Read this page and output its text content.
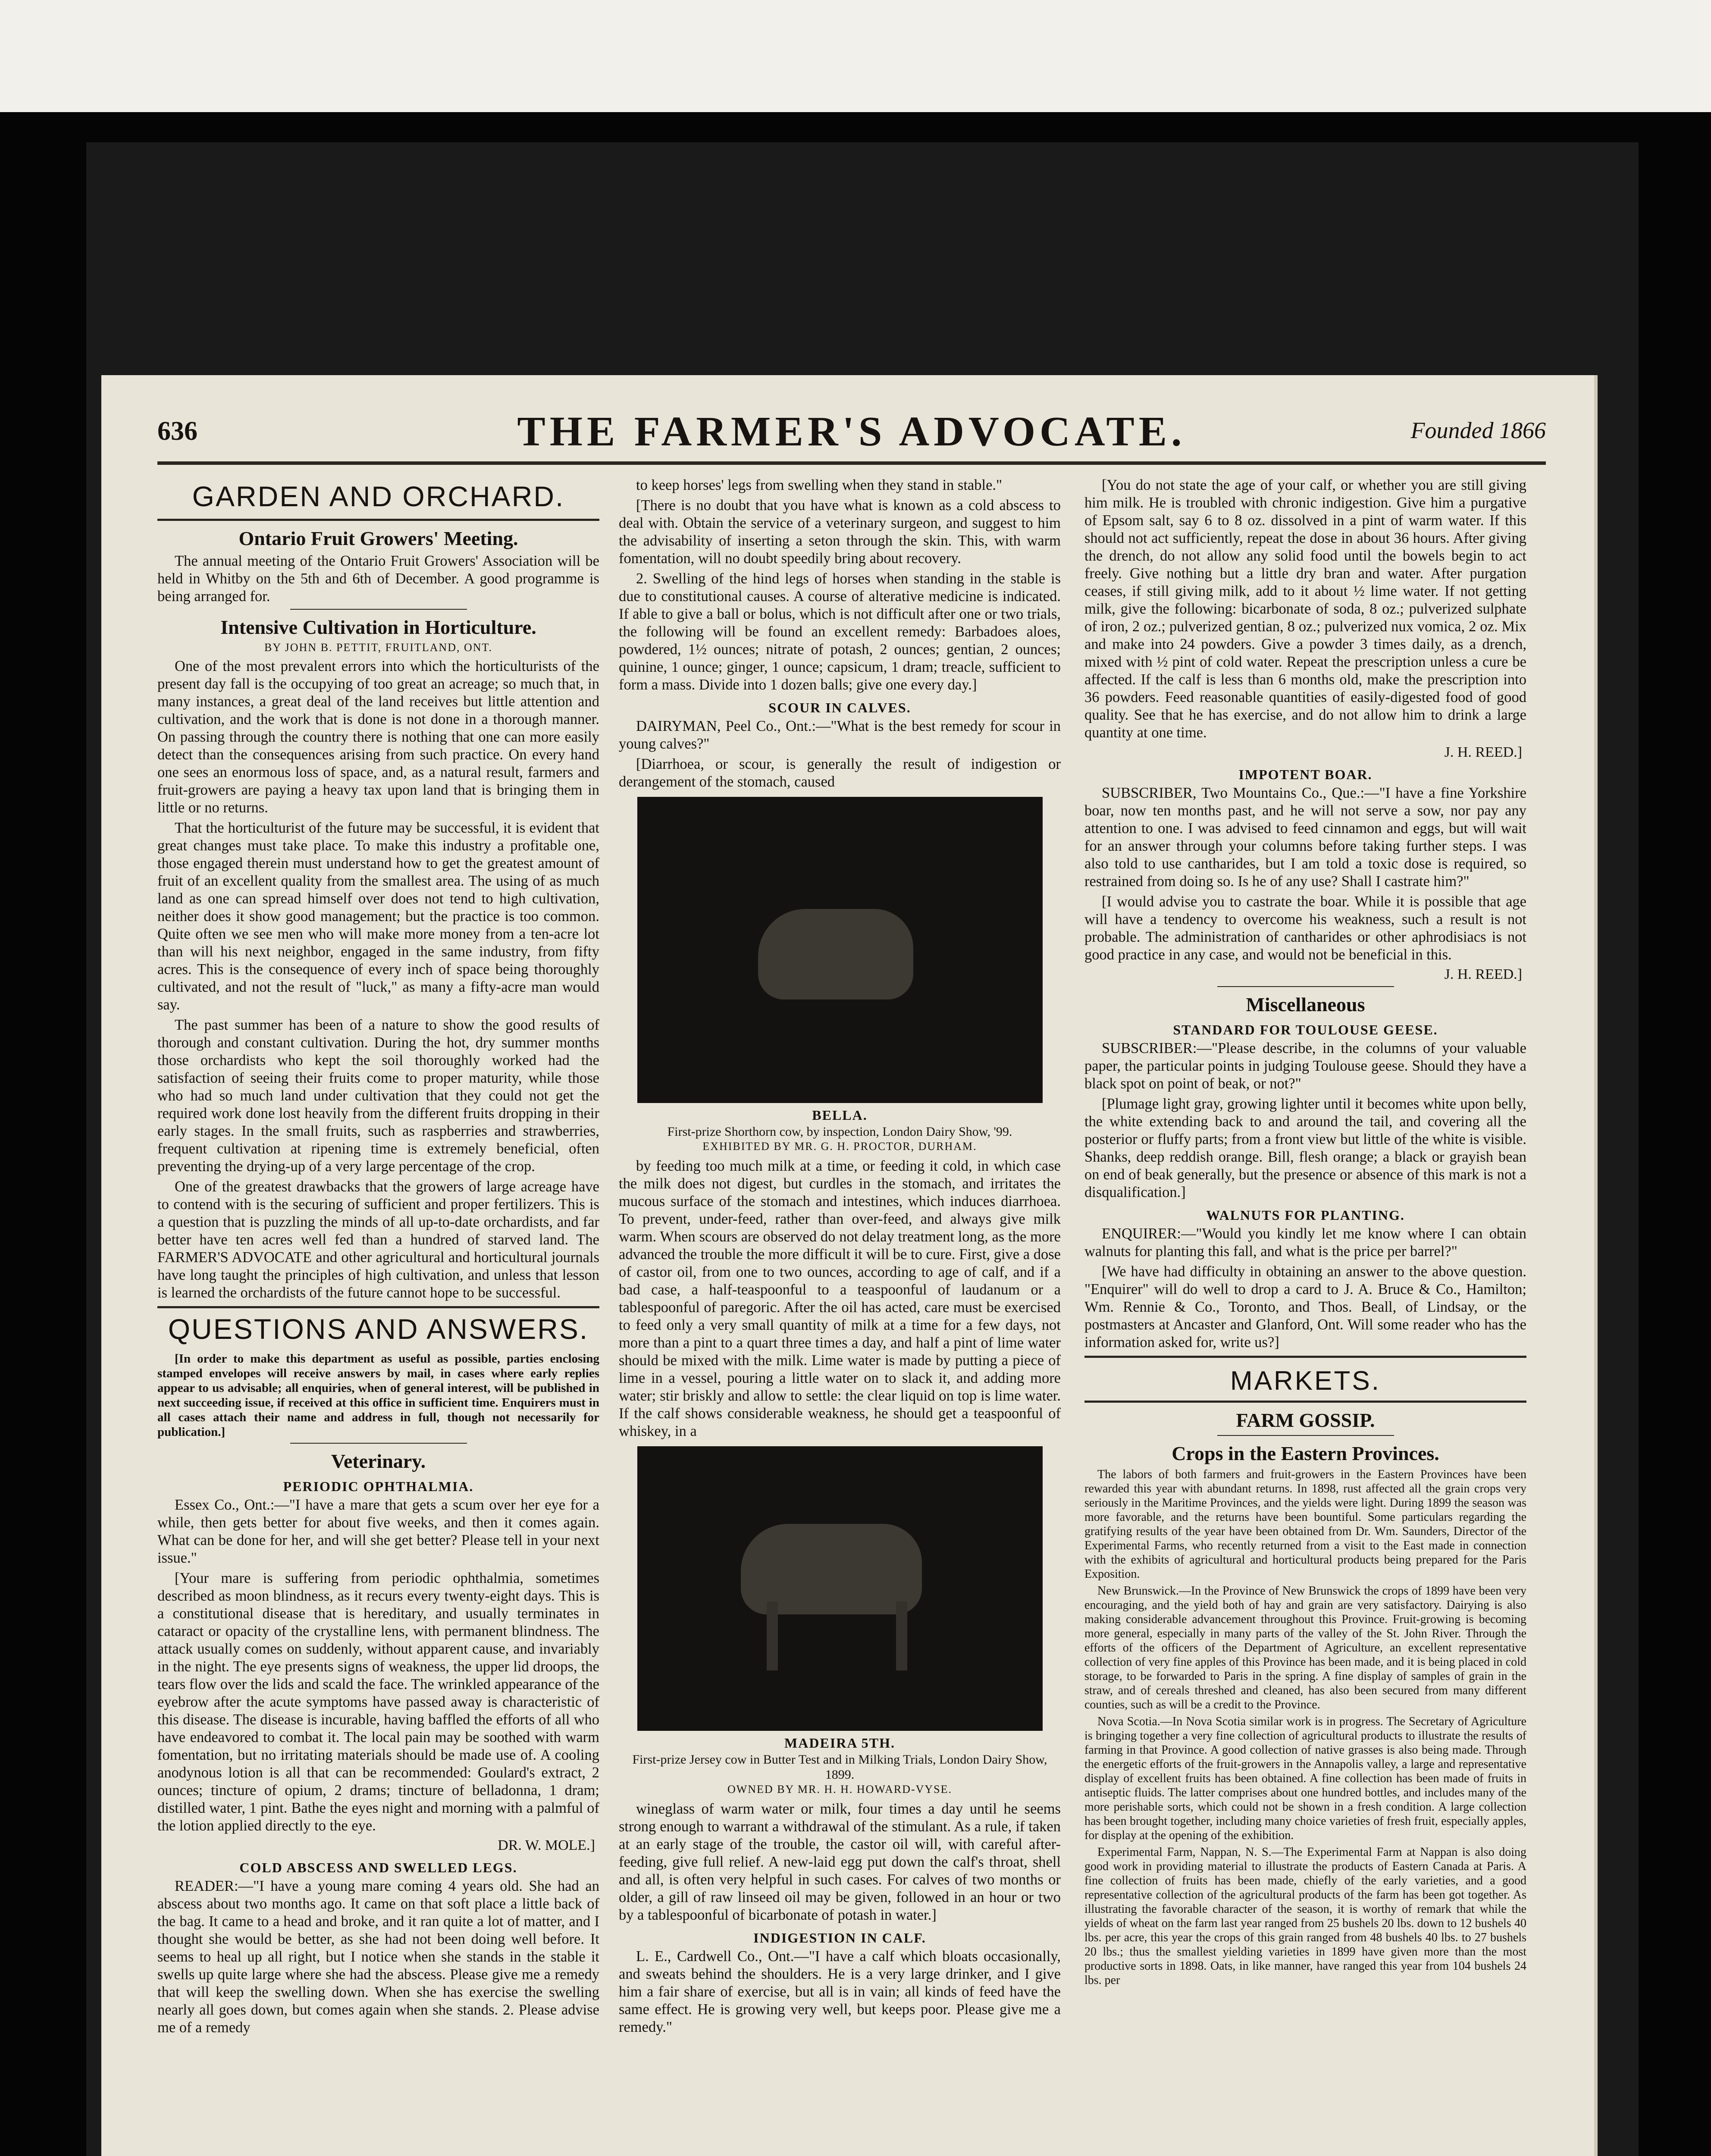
636	THE FARMER'S ADVOCATE.	Founded 1866
GARDEN AND ORCHARD.
Ontario Fruit Growers' Meeting.

The annual meeting of the Ontario Fruit Growers' Association will be held in Whitby on the 5th and 6th of December. A good programme is being arranged for.

Intensive Cultivation in Horticulture.
BY JOHN B. PETTIT, FRUITLAND, ONT.

One of the most prevalent errors into which the horticulturists of the present day fall is the occupying of too great an acreage; so much that, in many instances, a great deal of the land receives but little attention and cultivation, and the work that is done is not done in a thorough manner. On passing through the country there is nothing that one can more easily detect than the consequences arising from such practice. On every hand one sees an enormous loss of space, and, as a natural result, farmers and fruit-growers are paying a heavy tax upon land that is bringing them in little or no returns.

That the horticulturist of the future may be successful, it is evident that great changes must take place. To make this industry a profitable one, those engaged therein must understand how to get the greatest amount of fruit of an excellent quality from the smallest area. The using of as much land as one can spread himself over does not tend to high cultivation, neither does it show good management; but the practice is too common. Quite often we see men who will make more money from a ten-acre lot than will his next neighbor, engaged in the same industry, from fifty acres. This is the consequence of every inch of space being thoroughly cultivated, and not the result of "luck," as many a fifty-acre man would say.

The past summer has been of a nature to show the good results of thorough and constant cultivation. During the hot, dry summer months those orchardists who kept the soil thoroughly worked had the satisfaction of seeing their fruits come to proper maturity, while those who had so much land under cultivation that they could not get the required work done lost heavily from the different fruits dropping in their early stages. In the small fruits, such as raspberries and strawberries, frequent cultivation at ripening time is extremely beneficial, often preventing the drying-up of a very large percentage of the crop.

One of the greatest drawbacks that the growers of large acreage have to contend with is the securing of sufficient and proper fertilizers. This is a question that is puzzling the minds of all up-to-date orchardists, and far better have ten acres well fed than a hundred of starved land. The FARMER'S ADVOCATE and other agricultural and horticultural journals have long taught the principles of high cultivation, and unless that lesson is learned the orchardists of the future cannot hope to be successful.

QUESTIONS AND ANSWERS.

[In order to make this department as useful as possible, parties enclosing stamped envelopes will receive answers by mail, in cases where early replies appear to us advisable; all enquiries, when of general interest, will be published in next succeeding issue, if received at this office in sufficient time. Enquirers must in all cases attach their name and address in full, though not necessarily for publication.]

Veterinary.
PERIODIC OPHTHALMIA.

Essex Co., Ont.:—"I have a mare that gets a scum over her eye for a while, then gets better for about five weeks, and then it comes again. What can be done for her, and will she get better? Please tell in your next issue."

[Your mare is suffering from periodic ophthalmia, sometimes described as moon blindness, as it recurs every twenty-eight days. This is a constitutional disease that is hereditary, and usually terminates in cataract or opacity of the crystalline lens, with permanent blindness. The attack usually comes on suddenly, without apparent cause, and invariably in the night. The eye presents signs of weakness, the upper lid droops, the tears flow over the lids and scald the face. The wrinkled appearance of the eyebrow after the acute symptoms have passed away is characteristic of this disease. The disease is incurable, having baffled the efforts of all who have endeavored to combat it. The local pain may be soothed with warm fomentation, but no irritating materials should be made use of. A cooling anodynous lotion is all that can be recommended: Goulard's extract, 2 ounces; tincture of opium, 2 drams; tincture of belladonna, 1 dram; distilled water, 1 pint. Bathe the eyes night and morning with a palmful of the lotion applied directly to the eye.

DR. W. MOLE.]
COLD ABSCESS AND SWELLED LEGS.

READER:—"I have a young mare coming 4 years old. She had an abscess about two months ago. It came on that soft place a little back of the bag. It came to a head and broke, and it ran quite a lot of matter, and I thought she would be better, as she had not been doing well before. It seems to heal up all right, but I notice when she stands in the stable it swells up quite large where she had the abscess. Please give me a remedy that will keep the swelling down. When she has exercise the swelling nearly all goes down, but comes again when she stands. 2. Please advise me of a remedy

to keep horses' legs from swelling when they stand in stable."

[There is no doubt that you have what is known as a cold abscess to deal with. Obtain the service of a veterinary surgeon, and suggest to him the advisability of inserting a seton through the skin. This, with warm fomentation, will no doubt speedily bring about recovery.

2. Swelling of the hind legs of horses when standing in the stable is due to constitutional causes. A course of alterative medicine is indicated. If able to give a ball or bolus, which is not difficult after one or two trials, the following will be found an excellent remedy: Barbadoes aloes, powdered, 1½ ounces; nitrate of potash, 2 ounces; gentian, 2 ounces; quinine, 1 ounce; ginger, 1 ounce; capsicum, 1 dram; treacle, sufficient to form a mass. Divide into 1 dozen balls; give one every day.]

SCOUR IN CALVES.

DAIRYMAN, Peel Co., Ont.:—"What is the best remedy for scour in young calves?"

[Diarrhoea, or scour, is generally the result of indigestion or derangement of the stomach, caused

BELLA.
First-prize Shorthorn cow, by inspection, London Dairy Show, '99.
EXHIBITED BY MR. G. H. PROCTOR, DURHAM.

by feeding too much milk at a time, or feeding it cold, in which case the milk does not digest, but curdles in the stomach, and irritates the mucous surface of the stomach and intestines, which induces diarrhoea. To prevent, under-feed, rather than over-feed, and always give milk warm. When scours are observed do not delay treatment long, as the more advanced the trouble the more difficult it will be to cure. First, give a dose of castor oil, from one to two ounces, according to age of calf, and if a bad case, a half-teaspoonful to a teaspoonful of laudanum or a tablespoonful of paregoric. After the oil has acted, care must be exercised to feed only a very small quantity of milk at a time for a few days, not more than a pint to a quart three times a day, and half a pint of lime water should be mixed with the milk. Lime water is made by putting a piece of lime in a vessel, pouring a little water on to slack it, and adding more water; stir briskly and allow to settle: the clear liquid on top is lime water. If the calf shows considerable weakness, he should get a teaspoonful of whiskey, in a

MADEIRA 5TH.
First-prize Jersey cow in Butter Test and in Milking Trials, London Dairy Show, 1899.
OWNED BY MR. H. H. HOWARD-VYSE.

wineglass of warm water or milk, four times a day until he seems strong enough to warrant a withdrawal of the stimulant. As a rule, if taken at an early stage of the trouble, the castor oil will, with careful after-feeding, give full relief. A new-laid egg put down the calf's throat, shell and all, is often very helpful in such cases. For calves of two months or older, a gill of raw linseed oil may be given, followed in an hour or two by a tablespoonful of bicarbonate of potash in water.]

INDIGESTION IN CALF.

L. E., Cardwell Co., Ont.—"I have a calf which bloats occasionally, and sweats behind the shoulders. He is a very large drinker, and I give him a fair share of exercise, but all is in vain; all kinds of feed have the same effect. He is growing very well, but keeps poor. Please give me a remedy."

[You do not state the age of your calf, or whether you are still giving him milk. He is troubled with chronic indigestion. Give him a purgative of Epsom salt, say 6 to 8 oz. dissolved in a pint of warm water. If this should not act sufficiently, repeat the dose in about 36 hours. After giving the drench, do not allow any solid food until the bowels begin to act freely. Give nothing but a little dry bran and water. After purgation ceases, if still giving milk, add to it about ½ lime water. If not getting milk, give the following: bicarbonate of soda, 8 oz.; pulverized sulphate of iron, 2 oz.; pulverized gentian, 8 oz.; pulverized nux vomica, 2 oz. Mix and make into 24 powders. Give a powder 3 times daily, as a drench, mixed with ½ pint of cold water. Repeat the prescription unless a cure be affected. If the calf is less than 6 months old, make the prescription into 36 powders. Feed reasonable quantities of easily-digested food of good quality. See that he has exercise, and do not allow him to drink a large quantity at one time.

J. H. REED.]
IMPOTENT BOAR.

SUBSCRIBER, Two Mountains Co., Que.:—"I have a fine Yorkshire boar, now ten months past, and he will not serve a sow, nor pay any attention to one. I was advised to feed cinnamon and eggs, but will wait for an answer through your columns before taking further steps. I was also told to use cantharides, but I am told a toxic dose is required, so restrained from doing so. Is he of any use? Shall I castrate him?"

[I would advise you to castrate the boar. While it is possible that age will have a tendency to overcome his weakness, such a result is not probable. The administration of cantharides or other aphrodisiacs is not good practice in any case, and would not be beneficial in this.

J. H. REED.]
Miscellaneous
STANDARD FOR TOULOUSE GEESE.

SUBSCRIBER:—"Please describe, in the columns of your valuable paper, the particular points in judging Toulouse geese. Should they have a black spot on point of beak, or not?"

[Plumage light gray, growing lighter until it becomes white upon belly, the white extending back to and around the tail, and covering all the posterior or fluffy parts; from a front view but little of the white is visible. Shanks, deep reddish orange. Bill, flesh orange; a black or grayish bean on end of beak generally, but the presence or absence of this mark is not a disqualification.]

WALNUTS FOR PLANTING.

ENQUIRER:—"Would you kindly let me know where I can obtain walnuts for planting this fall, and what is the price per barrel?"

[We have had difficulty in obtaining an answer to the above question. "Enquirer" will do well to drop a card to J. A. Bruce & Co., Hamilton; Wm. Rennie & Co., Toronto, and Thos. Beall, of Lindsay, or the postmasters at Ancaster and Glanford, Ont. Will some reader who has the information asked for, write us?]

MARKETS.
FARM GOSSIP.
Crops in the Eastern Provinces.

The labors of both farmers and fruit-growers in the Eastern Provinces have been rewarded this year with abundant returns. In 1898, rust affected all the grain crops very seriously in the Maritime Provinces, and the yields were light. During 1899 the season was more favorable, and the returns have been bountiful. Some particulars regarding the gratifying results of the year have been obtained from Dr. Wm. Saunders, Director of the Experimental Farms, who recently returned from a visit to the East made in connection with the exhibits of agricultural and horticultural products being prepared for the Paris Exposition.

New Brunswick.—In the Province of New Brunswick the crops of 1899 have been very encouraging, and the yield both of hay and grain are very satisfactory. Dairying is also making considerable advancement throughout this Province. Fruit-growing is becoming more general, especially in many parts of the valley of the St. John River. Through the efforts of the officers of the Department of Agriculture, an excellent representative collection of very fine apples of this Province has been made, and it is being placed in cold storage, to be forwarded to Paris in the spring. A fine display of samples of grain in the straw, and of cereals threshed and cleaned, has also been secured from many different counties, such as will be a credit to the Province.

Nova Scotia.—In Nova Scotia similar work is in progress. The Secretary of Agriculture is bringing together a very fine collection of agricultural products to illustrate the results of farming in that Province. A good collection of native grasses is also being made. Through the energetic efforts of the fruit-growers in the Annapolis valley, a large and representative display of excellent fruits has been obtained. A fine collection has been made of fruits in antiseptic fluids. The latter comprises about one hundred bottles, and includes many of the more perishable sorts, which could not be shown in a fresh condition. A large collection has been brought together, including many choice varieties of fresh fruit, especially apples, for display at the opening of the exhibition.

Experimental Farm, Nappan, N. S.—The Experimental Farm at Nappan is also doing good work in providing material to illustrate the products of Eastern Canada at Paris. A fine collection of fruits has been made, chiefly of the early varieties, and a good representative collection of the agricultural products of the farm has been got together. As illustrating the favorable character of the season, it is worthy of remark that while the yields of wheat on the farm last year ranged from 25 bushels 20 lbs. down to 12 bushels 40 lbs. per acre, this year the crops of this grain ranged from 48 bushels 40 lbs. to 27 bushels 20 lbs.; thus the smallest yielding varieties in 1899 have given more than the most productive sorts in 1898. Oats, in like manner, have ranged this year from 104 bushels 24 lbs. per
